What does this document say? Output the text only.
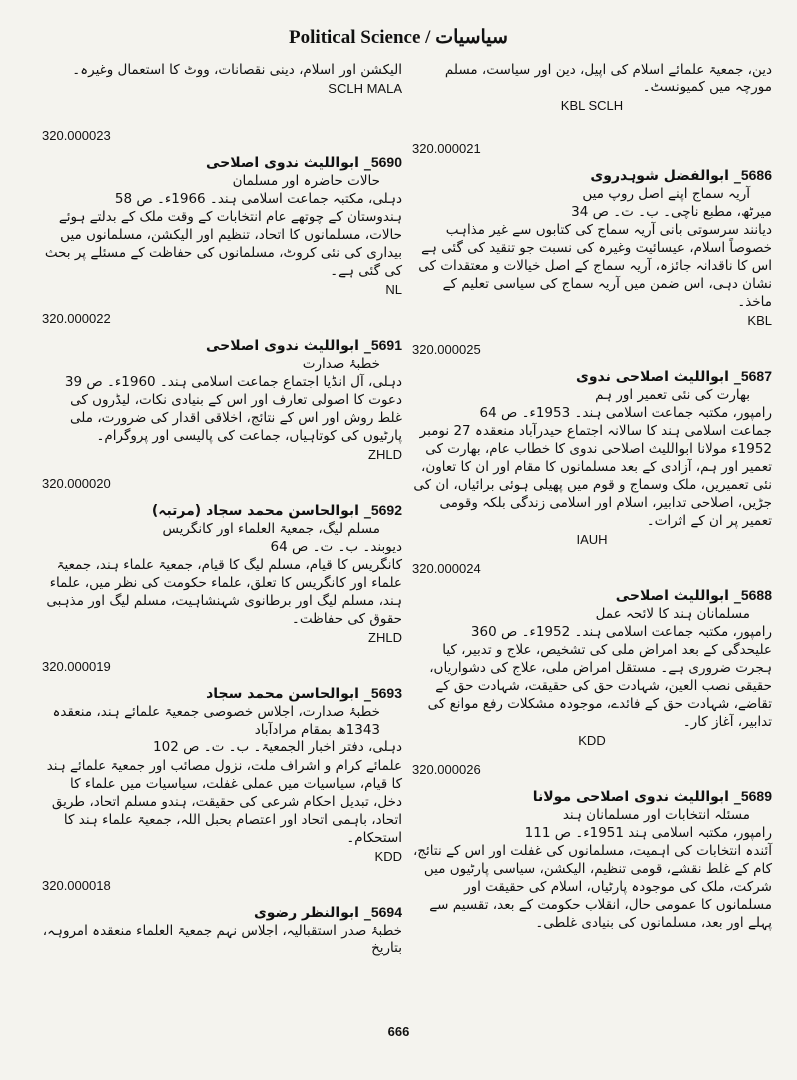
Political Science / سیاسیات
دین، جمعیۃ علمائے اسلام کی اپیل، دین اور سیاست، مسلم مورچہ میں کمیونسٹ۔
KBL SCLH
320.000021
5686_ ابوالفضل شوہدروی
آریہ سماج اپنے اصل روپ میں
میرٹھ، مطبع ناچی۔ ب۔ ت۔ ص 34
دیانند سرسوتی بانی آریہ سماج کی کتابوں سے غیر مذاہب خصوصاً اسلام، عیسائیت وغیرہ کی نسبت جو تنقید کی گئی ہے اس کا ناقدانہ جائزہ، آریہ سماج کے اصل خیالات و معتقدات کی نشان دہی، اس ضمن میں آریہ سماج کی سیاسی تعلیم کے ماخذ۔
KBL
320.000025
5687_ ابواللیث اصلاحی ندوی
بھارت کی نئی تعمیر اور ہم
رامپور، مکتبہ جماعت اسلامی ہند۔ 1953ء۔ ص 64
جماعت اسلامی ہند کا سالانہ اجتماع حیدرآباد منعقدہ 27 نومبر 1952ء مولانا ابواللیث اصلاحی ندوی کا خطاب عام، بھارت کی تعمیر اور ہم، آزادی کے بعد مسلمانوں کا مقام اور ان کا تعاون، نئی تعمیریں، ملک وسماج و قوم میں پھیلی ہوئی برائیاں، ان کی جڑیں، اصلاحی تدابیر، اسلام اور اسلامی زندگی بلکہ وقومی تعمیر پر ان کے اثرات۔
IAUH
320.000024
5688_ ابواللیث اصلاحی
مسلمانان ہند کا لائحہ عمل
رامپور، مکتبہ جماعت اسلامی ہند۔ 1952ء۔ ص 360
علیحدگی کے بعد امراض ملی کی تشخیص، علاج و تدبیر، کیا ہجرت ضروری ہے۔ مستقل امراض ملی، علاج کی دشواریاں، حقیقی نصب العین، شہادت حق کی حقیقت، شہادت حق کے تقاضے، شہادت حق کے فائدے، موجودہ مشکلات رفع موانع کی تدابیر، آغاز کار۔
KDD
320.000026
5689_ ابواللیث ندوی اصلاحی مولانا
مسئلہ انتخابات اور مسلمانان ہند
رامپور، مکتبہ اسلامی ہند 1951ء۔ ص 111
آئندہ انتخابات کی اہمیت، مسلمانوں کی غفلت اور اس کے نتائج، کام کے غلط نقشے، قومی تنظیم، الیکشن، سیاسی پارٹیوں میں شرکت، ملک کی موجودہ پارٹیاں، اسلام کی حقیقت اور مسلمانوں کا عمومی حال، انقلاب حکومت کے بعد، تقسیم سے پہلے اور بعد، مسلمانوں کی بنیادی غلطی۔
الیکشن اور اسلام، دینی نقصانات، ووٹ کا استعمال وغیرہ۔
SCLH MALA
320.000023
5690_ ابواللیث ندوی اصلاحی
حالات حاضرہ اور مسلمان
دہلی، مکتبہ جماعت اسلامی ہند۔ 1966ء۔ ص 58
ہندوستان کے چوتھے عام انتخابات کے وقت ملک کے بدلتے ہوئے حالات، مسلمانوں کا اتحاد، تنظیم اور الیکشن، مسلمانوں میں بیداری کی نئی کروٹ، مسلمانوں کی حفاظت کے مسئلے پر بحث کی گئی ہے۔
NL
320.000022
5691_ ابواللیث ندوی اصلاحی
خطبۂ صدارت
دہلی، آل انڈیا اجتماع جماعت اسلامی ہند۔ 1960ء۔ ص 39
دعوت کا اصولی تعارف اور اس کے بنیادی نکات، لیڈروں کی غلط روش اور اس کے نتائج، اخلاقی اقدار کی ضرورت، ملی پارٹیوں کی کوتاہیاں، جماعت کی پالیسی اور پروگرام۔
ZHLD
320.000020
5692_ ابوالحاسن محمد سجاد (مرتبہ)
مسلم لیگ، جمعیۃ العلماء اور کانگریس
دیوبند۔ ب۔ ت۔ ص 64
کانگریس کا قیام، مسلم لیگ کا قیام، جمعیۃ علماء ہند، جمعیۃ علماء اور کانگریس کا تعلق، علماء حکومت کی نظر میں، علماء ہند، مسلم لیگ اور برطانوی شہنشاہیت، مسلم لیگ اور مذہبی حقوق کی حفاظت۔
ZHLD
320.000019
5693_ ابوالحاسن محمد سجاد
خطبۂ صدارت، اجلاس خصوصی جمعیۃ علمائے ہند، منعقدہ 1343ھ بمقام مرادآباد
دہلی، دفتر اخبار الجمعیۃ۔ ب۔ ت۔ ص 102
علمائے کرام و اشراف ملت، نزول مصائب اور جمعیۃ علمائے ہند کا قیام، سیاسیات میں عملی غفلت، سیاسیات میں علماء کا دخل، تبدیل احکام شرعی کی حقیقت، ہندو مسلم اتحاد، طریق اتحاد، باہمی اتحاد اور اعتصام بحبل اللہ، جمعیۃ علماء ہند کا استحکام۔
KDD
320.000018
5694_ ابوالنظر رضوی
خطبۂ صدر استقبالیہ، اجلاس نہم جمعیۃ العلماء منعقدہ امروہہ، بتاریخ
666
